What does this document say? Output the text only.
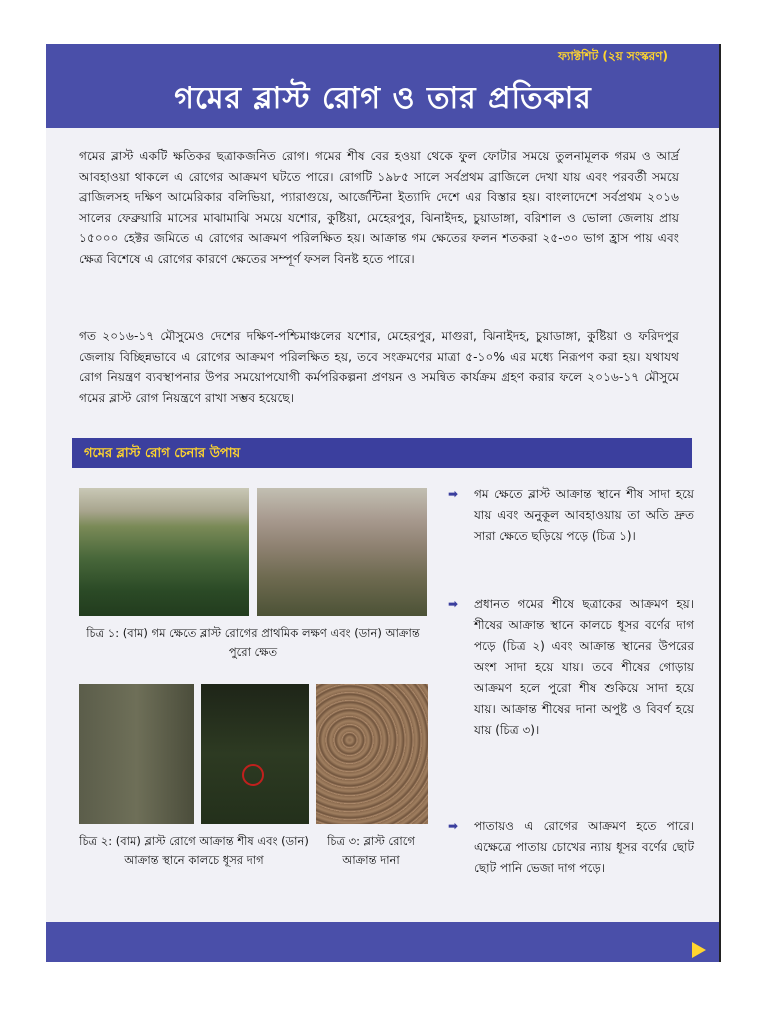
ফ্যাক্টশিট (২য় সংস্করণ)
গমের ব্লাস্ট রোগ ও তার প্রতিকার
গমের ব্লাস্ট একটি ক্ষতিকর ছত্রাকজনিত রোগ। গমের শীষ বের হওয়া থেকে ফুল ফোটার সময়ে তুলনামূলক গরম ও আর্দ্র আবহাওয়া থাকলে এ রোগের আক্রমণ ঘটতে পারে। রোগটি ১৯৮৫ সালে সর্বপ্রথম ব্রাজিলে দেখা যায় এবং পরবর্তী সময়ে ব্রাজিলসহ দক্ষিণ আমেরিকার বলিভিয়া, প্যারাগুয়ে, আর্জেন্টিনা ইত্যাদি দেশে এর বিস্তার হয়। বাংলাদেশে সর্বপ্রথম ২০১৬ সালের ফেব্রুয়ারি মাসের মাঝামাঝি সময়ে যশোর, কুষ্টিয়া, মেহেরপুর, ঝিনাইদহ, চুয়াডাঙ্গা, বরিশাল ও ভোলা জেলায় প্রায় ১৫০০০ হেক্টর জমিতে এ রোগের আক্রমণ পরিলক্ষিত হয়। আক্রান্ত গম ক্ষেতের ফলন শতকরা ২৫-৩০ ভাগ হ্রাস পায় এবং ক্ষেত্র বিশেষে এ রোগের কারণে ক্ষেতের সম্পূর্ণ ফসল বিনষ্ট হতে পারে।
গত ২০১৬-১৭ মৌসুমেও দেশের দক্ষিণ-পশ্চিমাঞ্চলের যশোর, মেহেরপুর, মাগুরা, ঝিনাইদহ, চুয়াডাঙ্গা, কুষ্টিয়া ও ফরিদপুর জেলায় বিচ্ছিন্নভাবে এ রোগের আক্রমণ পরিলক্ষিত হয়, তবে সংক্রমণের মাত্রা ৫-১০% এর মধ্যে নিরূপণ করা হয়। যথাযথ রোগ নিয়ন্ত্রণ ব্যবস্থাপনার উপর সময়োপযোগী কর্মপরিকল্পনা প্রণয়ন ও সমন্বিত কার্যক্রম গ্রহণ করার ফলে ২০১৬-১৭ মৌসুমে গমের ব্লাস্ট রোগ নিয়ন্ত্রণে রাখা সম্ভব হয়েছে।
গমের ব্লাস্ট রোগ চেনার উপায়
চিত্র ১: (বাম) গম ক্ষেতে ব্লাস্ট রোগের প্রাথমিক লক্ষণ এবং (ডান) আক্রান্ত পুরো ক্ষেত
চিত্র ২: (বাম) ব্লাস্ট রোগে আক্রান্ত শীষ এবং (ডান) আক্রান্ত স্থানে কালচে ধূসর দাগ
চিত্র ৩: ব্লাস্ট রোগে আক্রান্ত দানা
➡ গম ক্ষেতে ব্লাস্ট আক্রান্ত স্থানে শীষ সাদা হয়ে যায় এবং অনুকূল আবহাওয়ায় তা অতি দ্রুত সারা ক্ষেতে ছড়িয়ে পড়ে (চিত্র ১)।
➡ প্রধানত গমের শীষে ছত্রাকের আক্রমণ হয়। শীষের আক্রান্ত স্থানে কালচে ধূসর বর্ণের দাগ পড়ে (চিত্র ২) এবং আক্রান্ত স্থানের উপরের অংশ সাদা হয়ে যায়। তবে শীষের গোড়ায় আক্রমণ হলে পুরো শীষ শুকিয়ে সাদা হয়ে যায়। আক্রান্ত শীষের দানা অপুষ্ট ও বিবর্ণ হয়ে যায় (চিত্র ৩)।
➡ পাতায়ও এ রোগের আক্রমণ হতে পারে। এক্ষেত্রে পাতায় চোখের ন্যায় ধূসর বর্ণের ছোট ছোট পানি ভেজা দাগ পড়ে।
